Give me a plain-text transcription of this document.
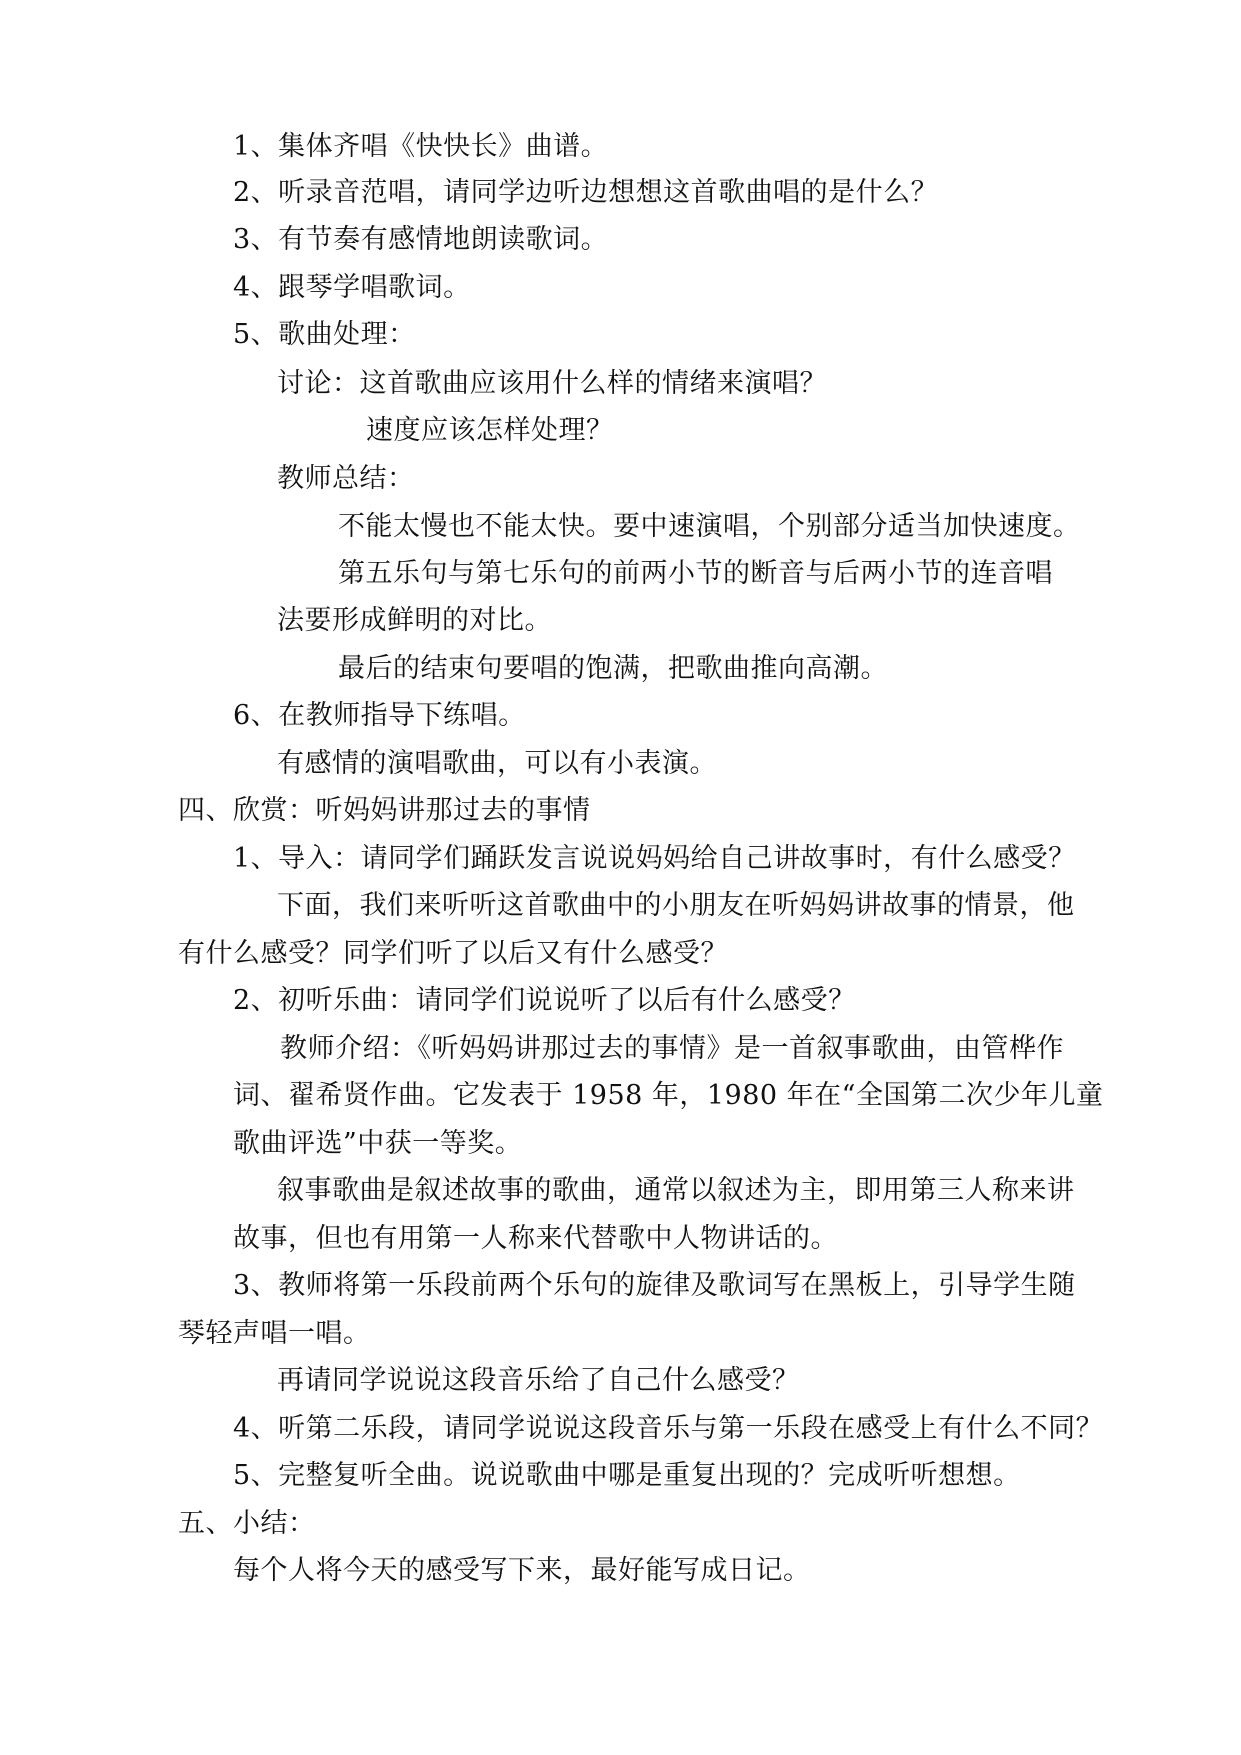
1、集体齐唱《快快长》曲谱。
2、听录音范唱，请同学边听边想想这首歌曲唱的是什么？
3、有节奏有感情地朗读歌词。
4、跟琴学唱歌词。
5、歌曲处理：
讨论：这首歌曲应该用什么样的情绪来演唱？
速度应该怎样处理？
教师总结：
不能太慢也不能太快。要中速演唱，个别部分适当加快速度。
第五乐句与第七乐句的前两小节的断音与后两小节的连音唱
法要形成鲜明的对比。
最后的结束句要唱的饱满，把歌曲推向高潮。
6、在教师指导下练唱。
有感情的演唱歌曲，可以有小表演。
四、欣赏：听妈妈讲那过去的事情
1、导入：请同学们踊跃发言说说妈妈给自己讲故事时，有什么感受？
下面，我们来听听这首歌曲中的小朋友在听妈妈讲故事的情景，他
有什么感受？同学们听了以后又有什么感受？
2、初听乐曲：请同学们说说听了以后有什么感受？
教师介绍：《听妈妈讲那过去的事情》是一首叙事歌曲，由管桦作
词、翟希贤作曲。它发表于 1958 年，1980 年在“全国第二次少年儿童
歌曲评选”中获一等奖。
叙事歌曲是叙述故事的歌曲，通常以叙述为主，即用第三人称来讲
故事，但也有用第一人称来代替歌中人物讲话的。
3、教师将第一乐段前两个乐句的旋律及歌词写在黑板上，引导学生随
琴轻声唱一唱。
再请同学说说这段音乐给了自己什么感受？
4、听第二乐段，请同学说说这段音乐与第一乐段在感受上有什么不同？
5、完整复听全曲。说说歌曲中哪是重复出现的？完成听听想想。
五、小结：
每个人将今天的感受写下来，最好能写成日记。
